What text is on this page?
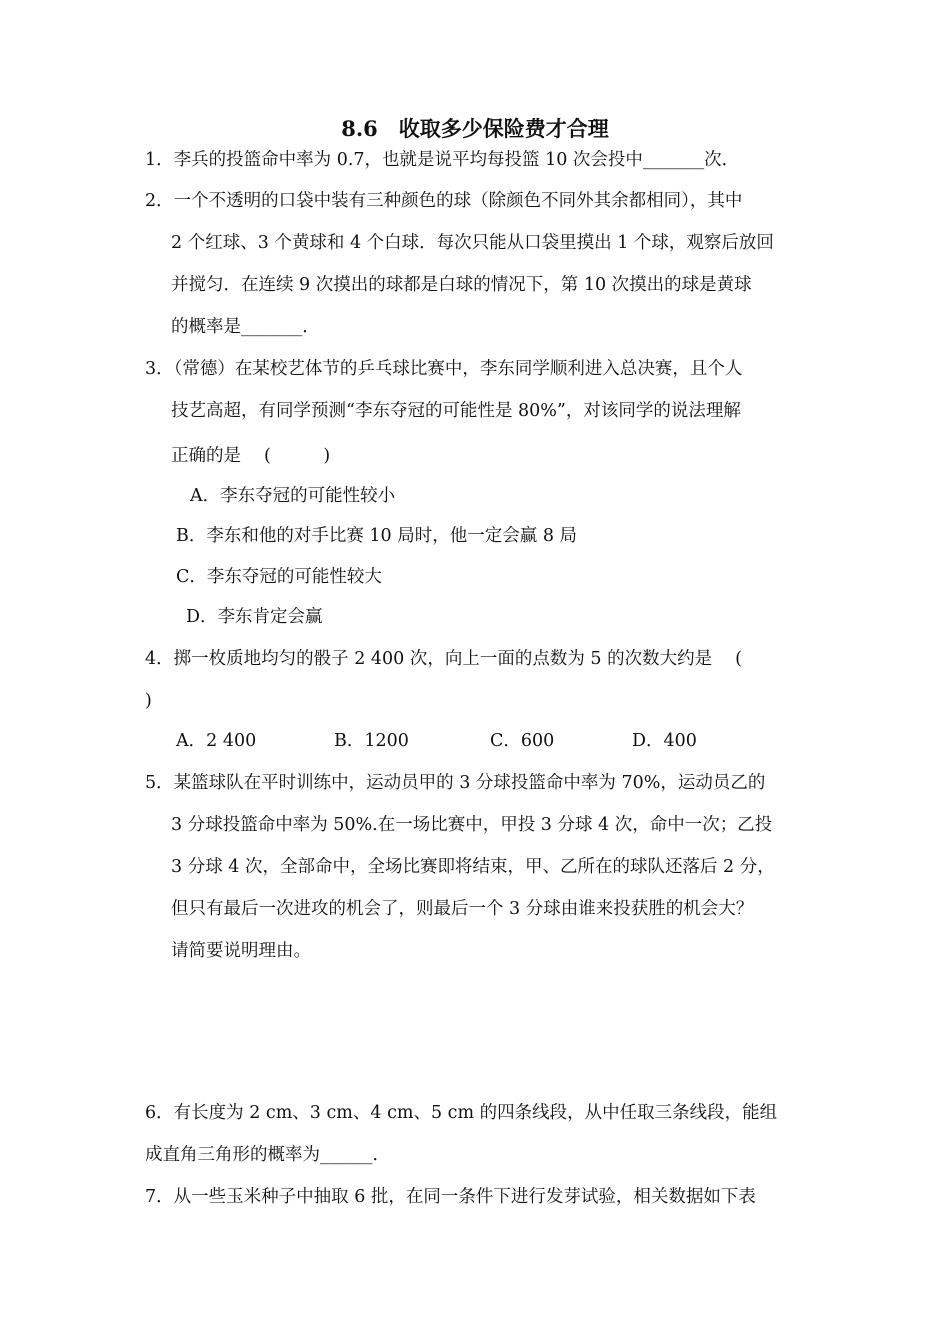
8.6　收取多少保险费才合理
1．李兵的投篮命中率为 0.7，也就是说平均每投篮 10 次会投中_______次．
2．一个不透明的口袋中装有三种颜色的球（除颜色不同外其余都相同），其中
2 个红球、3 个黄球和 4 个白球．每次只能从口袋里摸出 1 个球，观察后放回
并搅匀．在连续 9 次摸出的球都是白球的情况下，第 10 次摸出的球是黄球
的概率是_______．
3．（常德）在某校艺体节的乒乓球比赛中，李东同学顺利进入总决赛，且个人
技艺高超，有同学预测“李东夺冠的可能性是 80%”，对该同学的说法理解
正确的是　 (　　　)
A．李东夺冠的可能性较小
B．李东和他的对手比赛 10 局时，他一定会赢 8 局
C．李东夺冠的可能性较大
D．李东肯定会赢
4．掷一枚质地均匀的骰子 2 400 次，向上一面的点数为 5 的次数大约是　 (
)
A．2 400	B．1200	C．600	D．400
5．某篮球队在平时训练中，运动员甲的 3 分球投篮命中率为 70%，运动员乙的
3 分球投篮命中率为 50%.在一场比赛中，甲投 3 分球 4 次，命中一次；乙投
3 分球 4 次，全部命中，全场比赛即将结束，甲、乙所在的球队还落后 2 分，
但只有最后一次进攻的机会了，则最后一个 3 分球由谁来投获胜的机会大？
请简要说明理由。
6．有长度为 2 cm、3 cm、4 cm、5 cm 的四条线段，从中任取三条线段，能组
成直角三角形的概率为______．
7．从一些玉米种子中抽取 6 批，在同一条件下进行发芽试验，相关数据如下表
